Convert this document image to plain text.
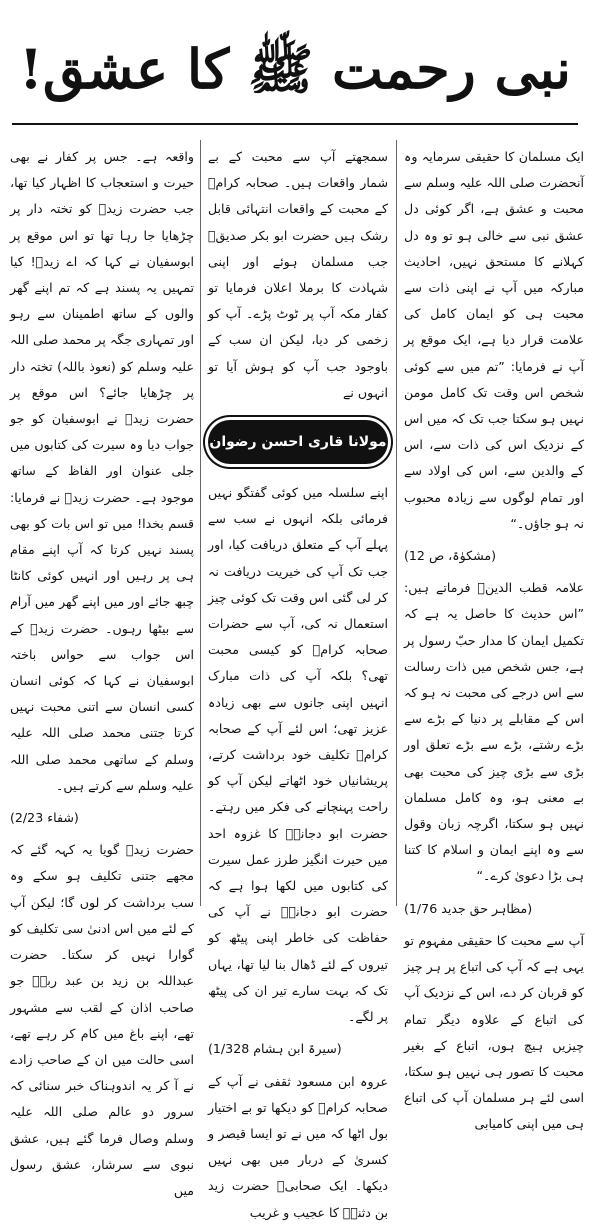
نبی رحمت ﷺ کا عشق!

ایک مسلمان کا حقیقی سرمایہ وہ آنحضرت صلی اللہ علیہ وسلم سے محبت و عشق ہے، اگر کوئی دل عشق نبی سے خالی ہو تو وہ دل کہلانے کا مستحق نہیں، احادیث مبارکہ میں آپ نے اپنی ذات سے محبت ہی کو ایمان کامل کی علامت قرار دیا ہے، ایک موقع پر آپ نے فرمایا: ”تم میں سے کوئی شخص اس وقت تک کامل مومن نہیں ہو سکتا جب تک کہ میں اس کے نزدیک اس کی ذات سے، اس کے والدین سے، اس کی اولاد سے اور تمام لوگوں سے زیادہ محبوب نہ ہو جاؤں۔“

(مشکوٰۃ، ص 12)

علامہ قطب الدینؒ فرماتے ہیں: ”اس حدیث کا حاصل یہ ہے کہ تکمیل ایمان کا مدار حبّ رسول پر ہے، جس شخص میں ذات رسالت سے اس درجے کی محبت نہ ہو کہ اس کے مقابلے پر دنیا کے بڑے سے بڑے رشتے، بڑے سے بڑے تعلق اور بڑی سے بڑی چیز کی محبت بھی بے معنی ہو، وہ کامل مسلمان نہیں ہو سکتا، اگرچہ زبان وقول سے وہ اپنے ایمان و اسلام کا کتنا ہی بڑا دعویٰ کرے۔“

(مظاہر حق جدید 1/76)

آپ سے محبت کا حقیقی مفہوم تو یہی ہے کہ آپ کی اتباع پر ہر چیز کو قربان کر دے، اس کے نزدیک آپ کی اتباع کے علاوہ دیگر تمام چیزیں ہیچ ہوں، اتباع کے بغیر محبت کا تصور ہی نہیں ہو سکتا، اسی لئے ہر مسلمان آپ کی اتباع ہی میں اپنی کامیابی

سمجھتے آپ سے محبت کے بے شمار واقعات ہیں۔ صحابہ کرامؓ کے محبت کے واقعات انتہائی قابل رشک ہیں حضرت ابو بکر صدیقؓ جب مسلمان ہوئے اور اپنی شہادت کا برملا اعلان فرمایا تو کفار مکہ آپ پر ٹوٹ پڑے۔ آپ کو زخمی کر دیا، لیکن ان سب کے باوجود جب آپ کو ہوش آیا تو انہوں نے

مولانا قاری احسن رضوان

اپنے سلسلہ میں کوئی گفتگو نہیں فرمائی بلکہ انہوں نے سب سے پہلے آپ کے متعلق دریافت کیا، اور جب تک آپ کی خیریت دریافت نہ کر لی گئی اس وقت تک کوئی چیز استعمال نہ کی، آپ سے حضرات صحابہ کرامؓ کو کیسی محبت تھی؟ بلکہ آپ کی ذات مبارک انہیں اپنی جانوں سے بھی زیادہ عزیز تھی؛ اس لئے آپ کے صحابہ کرامؓ تکلیف خود برداشت کرتے، پریشانیاں خود اٹھاتے لیکن آپ کو راحت پہنچانے کی فکر میں رہتے۔ حضرت ابو دجانہؓ کا غزوہ احد میں حیرت انگیز طرز عمل سیرت کی کتابوں میں لکھا ہوا ہے کہ حضرت ابو دجانہؓ نے آپ کی حفاظت کی خاطر اپنی پیٹھ کو تیروں کے لئے ڈھال بنا لیا تھا، یہاں تک کہ بہت سارے تیر ان کی پیٹھ پر لگے۔

(سیرۃ ابن ہشام 1/328)

عروہ ابن مسعود ثقفی نے آپ کے صحابہ کرامؓ کو دیکھا تو بے اختیار بول اٹھا کہ میں نے تو ایسا قیصر و کسریٰ کے دربار میں بھی نہیں دیکھا۔ ایک صحابیؓ حضرت زید بن دثنہؓ کا عجیب و غریب

واقعہ ہے۔ جس پر کفار نے بھی حیرت و استعجاب کا اظہار کیا تھا، جب حضرت زیدؓ کو تختہ دار پر چڑھایا جا رہا تھا تو اس موقع پر ابوسفیان نے کہا کہ اے زیدؓ! کیا تمہیں یہ پسند ہے کہ تم اپنے گھر والوں کے ساتھ اطمینان سے رہو اور تمہاری جگہ پر محمد صلی اللہ علیہ وسلم کو (نعوذ باللہ) تختہ دار پر چڑھایا جائے؟ اس موقع پر حضرت زیدؓ نے ابوسفیان کو جو جواب دیا وہ سیرت کی کتابوں میں جلی عنوان اور الفاظ کے ساتھ موجود ہے۔ حضرت زیدؓ نے فرمایا: قسم بخدا! میں تو اس بات کو بھی پسند نہیں کرتا کہ آپ اپنے مقام ہی پر رہیں اور انہیں کوئی کانٹا چبھ جائے اور میں اپنے گھر میں آرام سے بیٹھا رہوں۔ حضرت زیدؓ کے اس جواب سے حواس باختہ ابوسفیان نے کہا کہ کوئی انسان کسی انسان سے اتنی محبت نہیں کرتا جتنی محمد صلی اللہ علیہ وسلم کے ساتھی محمد صلی اللہ علیہ وسلم سے کرتے ہیں۔

(شفاء 2/23)

حضرت زیدؓ گویا یہ کہہ گئے کہ مجھے جتنی تکلیف ہو سکے وہ سب برداشت کر لوں گا؛ لیکن آپ کے لئے میں اس ادنیٰ سی تکلیف کو گوارا نہیں کر سکتا۔ حضرت عبداللہ بن زید بن عبد ربہؓ جو صاحب اذان کے لقب سے مشہور تھے، اپنے باغ میں کام کر رہے تھے، اسی حالت میں ان کے صاحب زادے نے آ کر یہ اندوہناک خبر سنائی کہ سرور دو عالم صلی اللہ علیہ وسلم وصال فرما گئے ہیں، عشق نبوی سے سرشار، عشق رسول میں
